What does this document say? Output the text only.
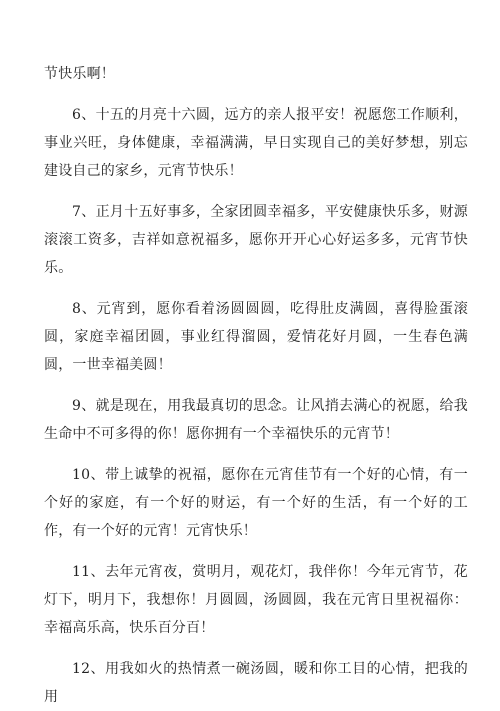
节快乐啊！

6、十五的月亮十六圆，远方的亲人报平安！祝愿您工作顺利，事业兴旺，身体健康，幸福满满，早日实现自己的美好梦想，别忘建设自己的家乡，元宵节快乐！

7、正月十五好事多，全家团圆幸福多，平安健康快乐多，财源滚滚工资多，吉祥如意祝福多，愿你开开心心好运多多，元宵节快乐。

8、元宵到，愿你看着汤圆圆圆，吃得肚皮满圆，喜得脸蛋滚圆，家庭幸福团圆，事业红得溜圆，爱情花好月圆，一生春色满圆，一世幸福美圆！

9、就是现在，用我最真切的思念。让风捎去满心的祝愿，给我生命中不可多得的你！愿你拥有一个幸福快乐的元宵节！

10、带上诚挚的祝福，愿你在元宵佳节有一个好的心情，有一个好的家庭，有一个好的财运，有一个好的生活，有一个好的工作，有一个好的元宵！元宵快乐！

11、去年元宵夜，赏明月，观花灯，我伴你！今年元宵节，花灯下，明月下，我想你！月圆圆，汤圆圆，我在元宵日里祝福你：幸福高乐高，快乐百分百！

12、用我如火的热情煮一碗汤圆，暖和你工目的心情，把我的用
